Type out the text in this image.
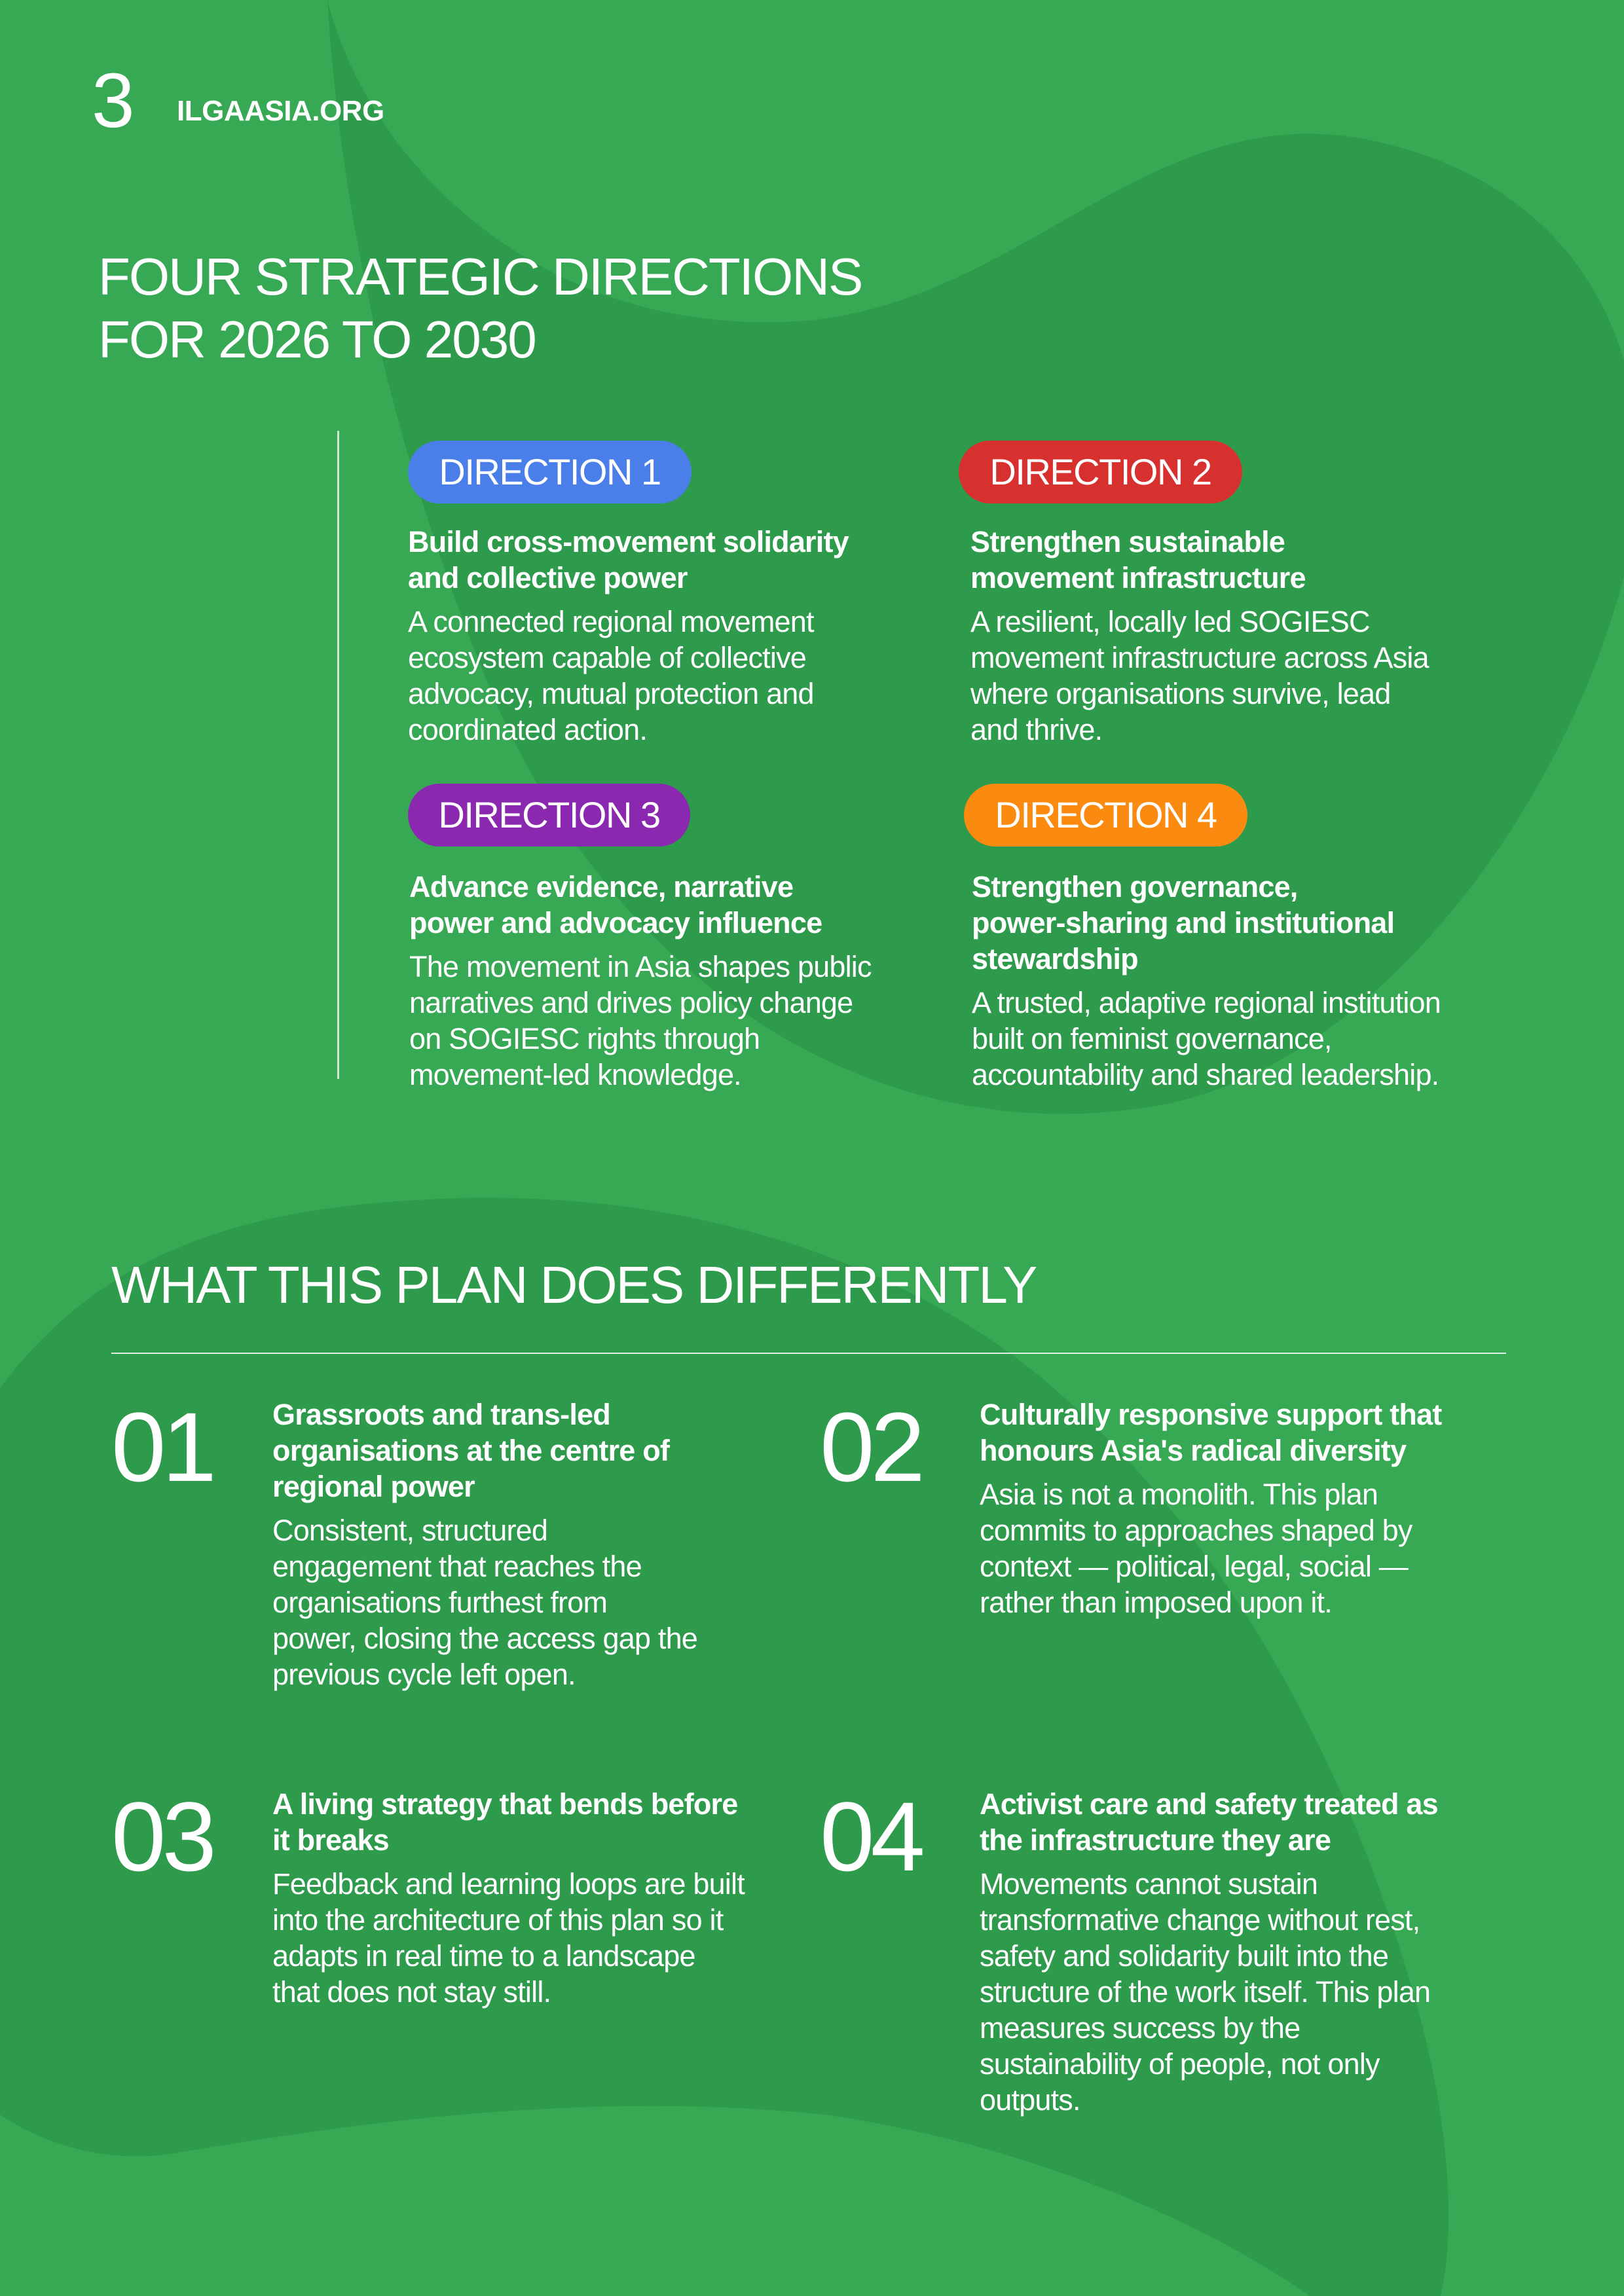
3 ILGAASIA.ORG
FOUR STRATEGIC DIRECTIONS
FOR 2026 TO 2030
DIRECTION 1
Build cross-movement solidarity
and collective power
A connected regional movement
ecosystem capable of collective
advocacy, mutual protection and
coordinated action.
DIRECTION 2
Strengthen sustainable
movement infrastructure
A resilient, locally led SOGIESC
movement infrastructure across Asia
where organisations survive, lead
and thrive.
DIRECTION 3
Advance evidence, narrative
power and advocacy influence
The movement in Asia shapes public
narratives and drives policy change
on SOGIESC rights through
movement-led knowledge.
DIRECTION 4
Strengthen governance,
power-sharing and institutional
stewardship
A trusted, adaptive regional institution
built on feminist governance,
accountability and shared leadership.
WHAT THIS PLAN DOES DIFFERENTLY
01 Grassroots and trans-led
organisations at the centre of
regional power
Consistent, structured
engagement that reaches the
organisations furthest from
power, closing the access gap the
previous cycle left open.
02 Culturally responsive support that
honours Asia's radical diversity
Asia is not a monolith. This plan
commits to approaches shaped by
context — political, legal, social —
rather than imposed upon it.
03 A living strategy that bends before
it breaks
Feedback and learning loops are built
into the architecture of this plan so it
adapts in real time to a landscape
that does not stay still.
04 Activist care and safety treated as
the infrastructure they are
Movements cannot sustain
transformative change without rest,
safety and solidarity built into the
structure of the work itself. This plan
measures success by the
sustainability of people, not only
outputs.
